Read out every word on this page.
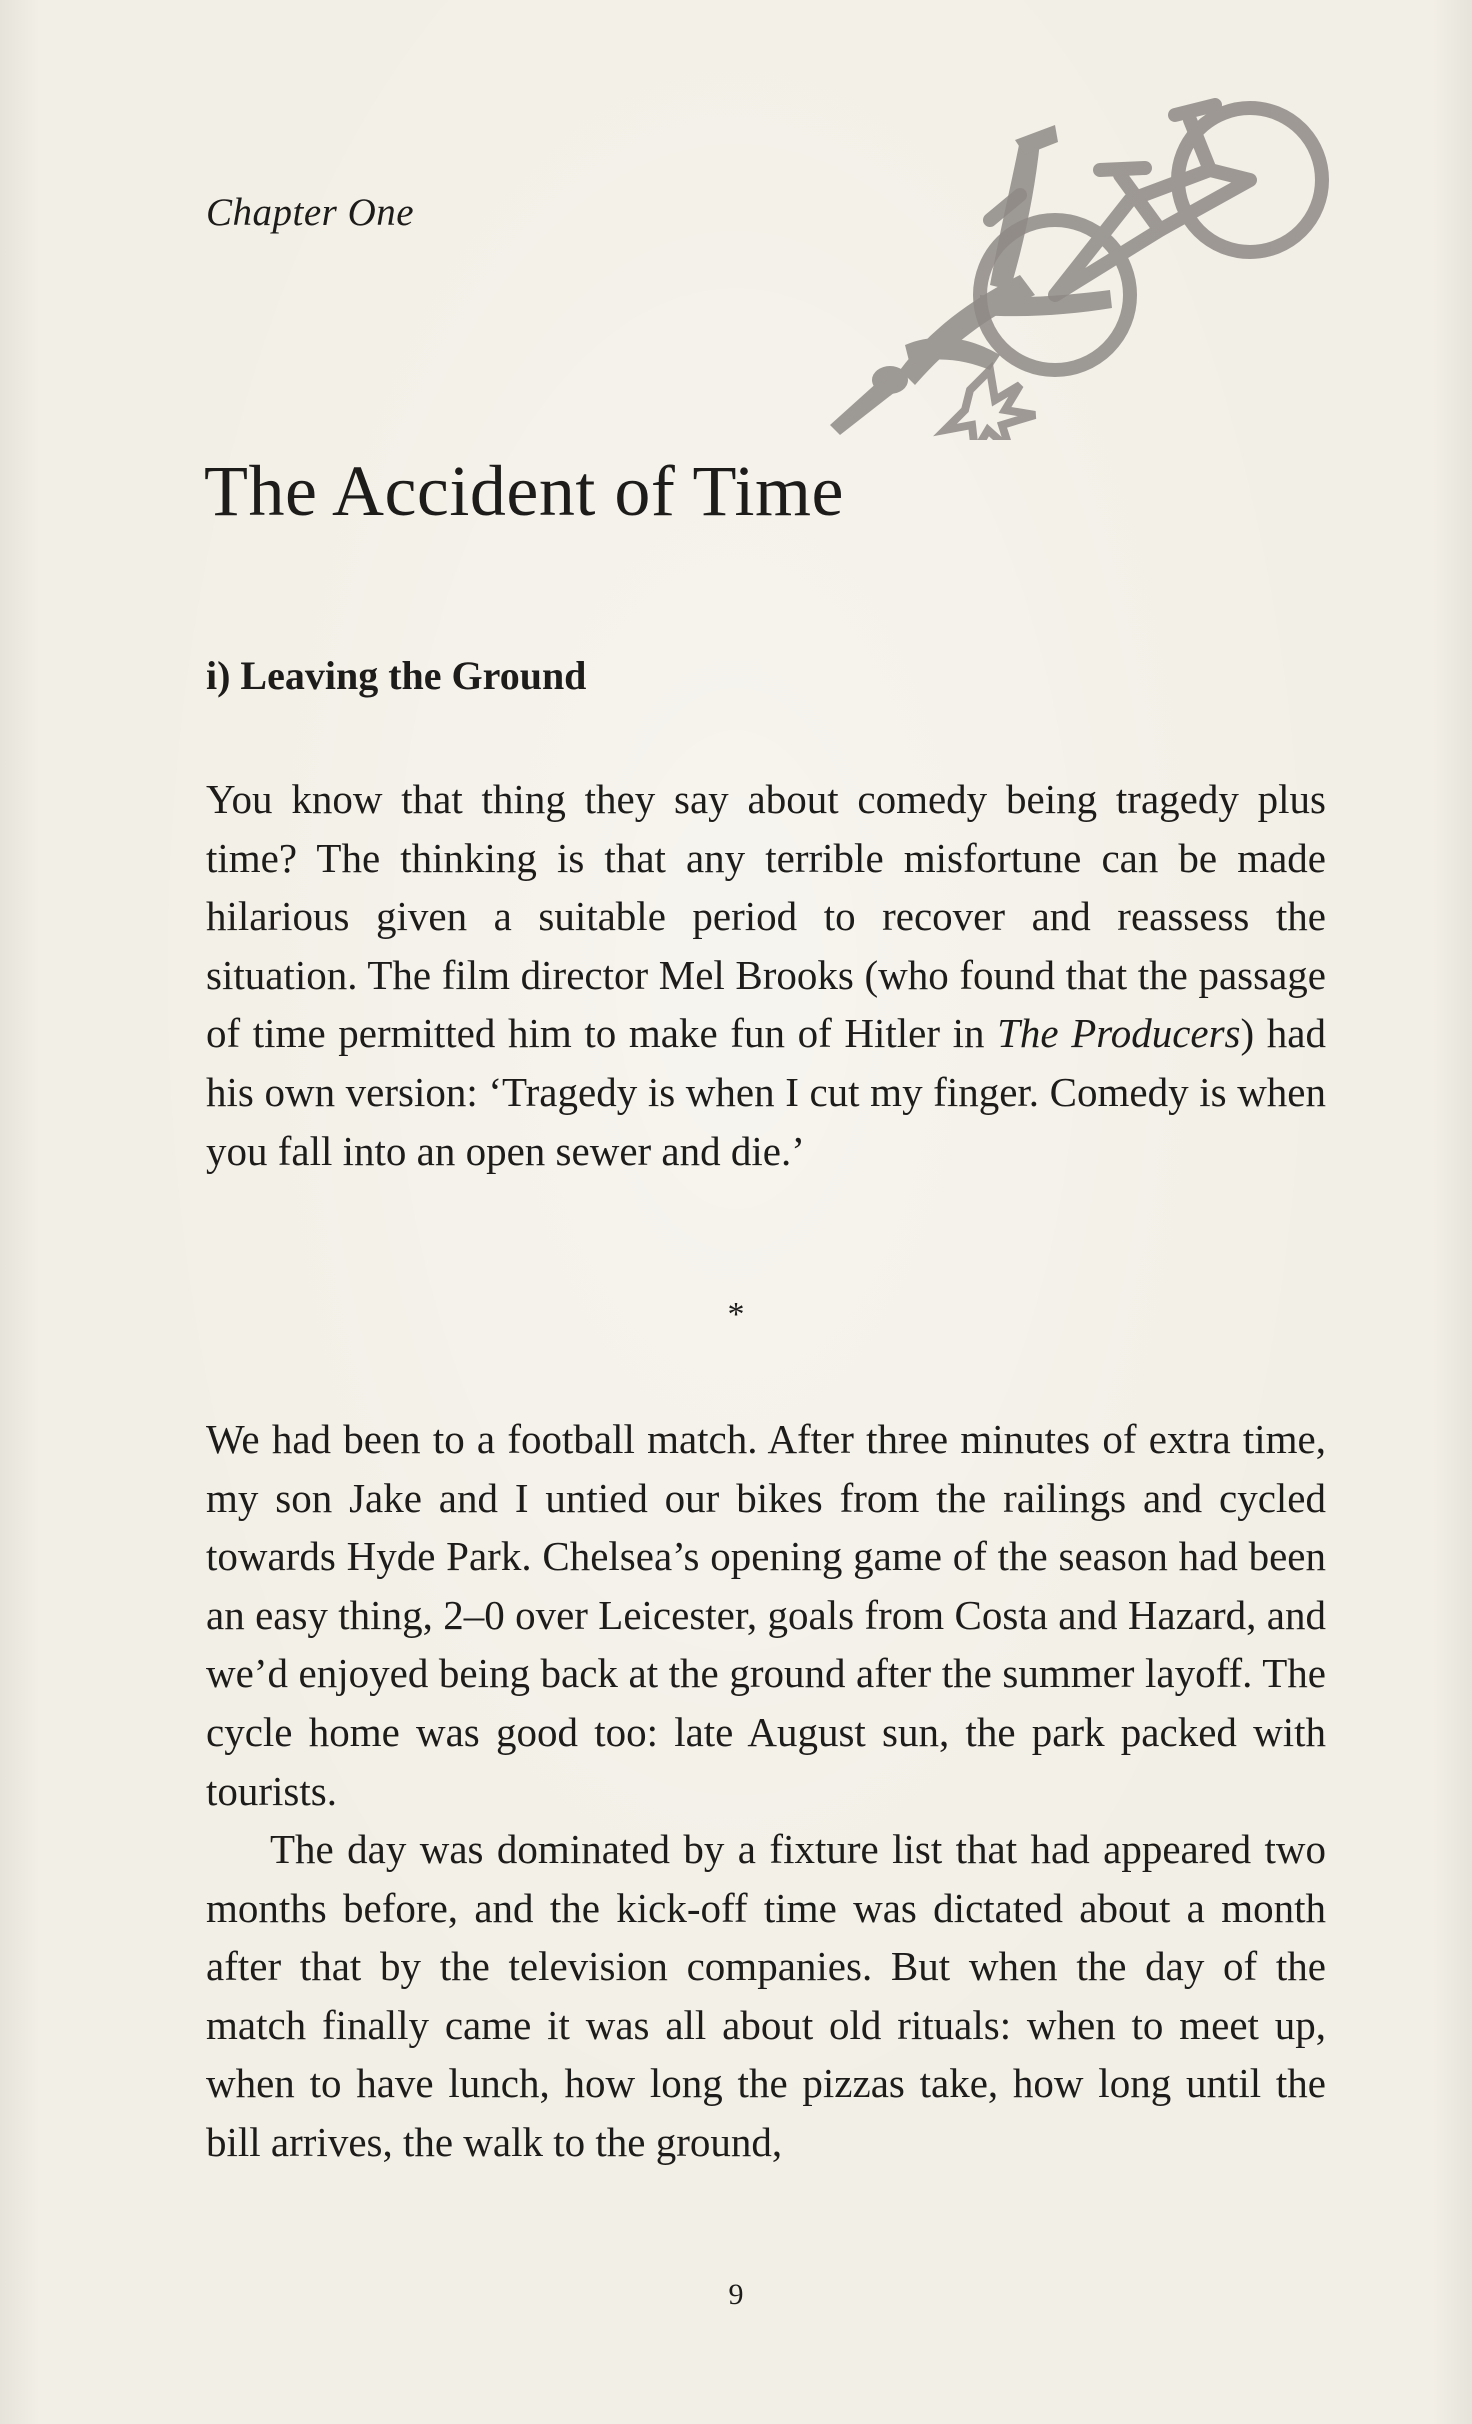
Chapter One
The Accident of Time
i) Leaving the Ground

You know that thing they say about comedy being tragedy plus time? The thinking is that any terrible misfortune can be made hilarious given a suitable period to recover and reassess the situation. The film director Mel Brooks (who found that the passage of time permitted him to make fun of Hitler in The Producers) had his own version: ‘Tragedy is when I cut my finger. Comedy is when you fall into an open sewer and die.’

*

We had been to a football match. After three minutes of extra time, my son Jake and I untied our bikes from the railings and cycled towards Hyde Park. Chelsea’s opening game of the season had been an easy thing, 2–0 over Leicester, goals from Costa and Hazard, and we’d enjoyed being back at the ground after the summer layoff. The cycle home was good too: late August sun, the park packed with tourists.

The day was dominated by a fixture list that had appeared two months before, and the kick-off time was dictated about a month after that by the television companies. But when the day of the match finally came it was all about old rituals: when to meet up, when to have lunch, how long the pizzas take, how long until the bill arrives, the walk to the ground,

9
